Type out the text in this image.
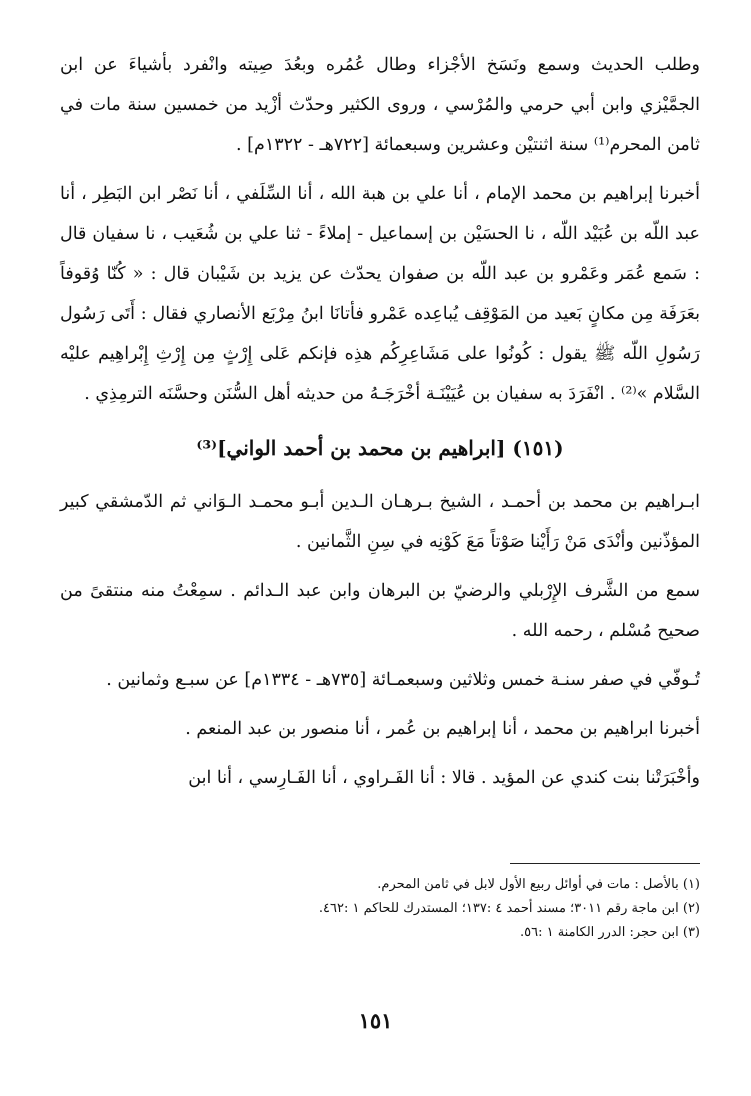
وطلب الحديث وسمع ونَسَخ الأجْزاء وطال عُمُره وبعُدَ صِيته وانْفرد بأشياءَ عن ابن الجمَّيْزي وابن أبي حرمي والمُرْسي ، وروى الكثير وحدّث أزْيد من خمسين سنة مات في ثامن المحرم⁽¹⁾ سنة اثنتيْن وعشرين وسبعمائة [٧٢٢هـ - ١٣٢٢م] .

أخبرنا إبراهيم بن محمد الإمام ، أنا علي بن هبة الله ، أنا السِّلَفي ، أنا نَصْر ابن البَطِر ، أنا عبد اللّه بن عُبَيْد اللّه ، نا الحسَيْن بن إسماعيل - إملاءً - ثنا علي بن شُعَيب ، نا سفيان قال : سَمع عُمَر وعَمْرو بن عبد اللّه بن صفوان يحدّث عن يزيد بن شَيْبان قال : « كُنّا وُقوفاً بعَرَفَة مِن مكانٍ بَعيد من المَوْقِف يُباعِده عَمْرو فأتانَا ابنُ مِرْبَع الأنصاري فقال : أَتَى رَسُول رَسُولِ اللّه ﷺ يقول : كُونُوا على مَشَاعِرِكُم هذِه فإنكم عَلى إِرْثٍ مِن إِرْثِ إِبْراهِيم عليْه السَّلام »⁽²⁾ . انْفَرَدَ به سفيان بن عُيَيْنَـة أخْرَجَـهُ من حديثه أهل السُّنَن وحسَّنَه الترمِذِي .

(١٥١) [ابراهيم بن محمد بن أحمد الواني]⁽³⁾

ابـراهيم بن محمد بن أحمـد ، الشيخ بـرهـان الـدين أبـو محمـد الـوَاني ثم الدّمشقي كبير المؤذّنين وأنْدَى مَنْ رَأَيْنا صَوْتاً مَعَ كَوْنِه في سِنِ الثَّمانين .

سمع من الشَّرف الإِرْبلي والرضيّ بن البرهان وابن عبد الـدائم . سمِعْتُ منه منتقىً من صحيح مُسْلم ، رحمه الله .

تُـوفّي في صفر سنـة خمس وثلاثين وسبعمـائة [٧٣٥هـ - ١٣٣٤م] عن سبـع وثمانين .

أخبرنا ابراهيم بن محمد ، أنا إبراهيم بن عُمر ، أنا منصور بن عبد المنعم .

وأخْبَرَتْنا بنت كندي عن المؤيد . قالا : أنا الفَـراوي ، أنا الفَـارِسي ، أنا ابن

(١) بالأصل : مات في أوائل ربيع الأول لابل في ثامن المحرم.

(٢) ابن ماجة رقم ٣٠١١؛ مسند أحمد ٤ :١٣٧؛ المستدرك للحاكم ١ :٤٦٢.

(٣) ابن حجر: الدرر الكامنة ١ :٥٦.

١٥١
